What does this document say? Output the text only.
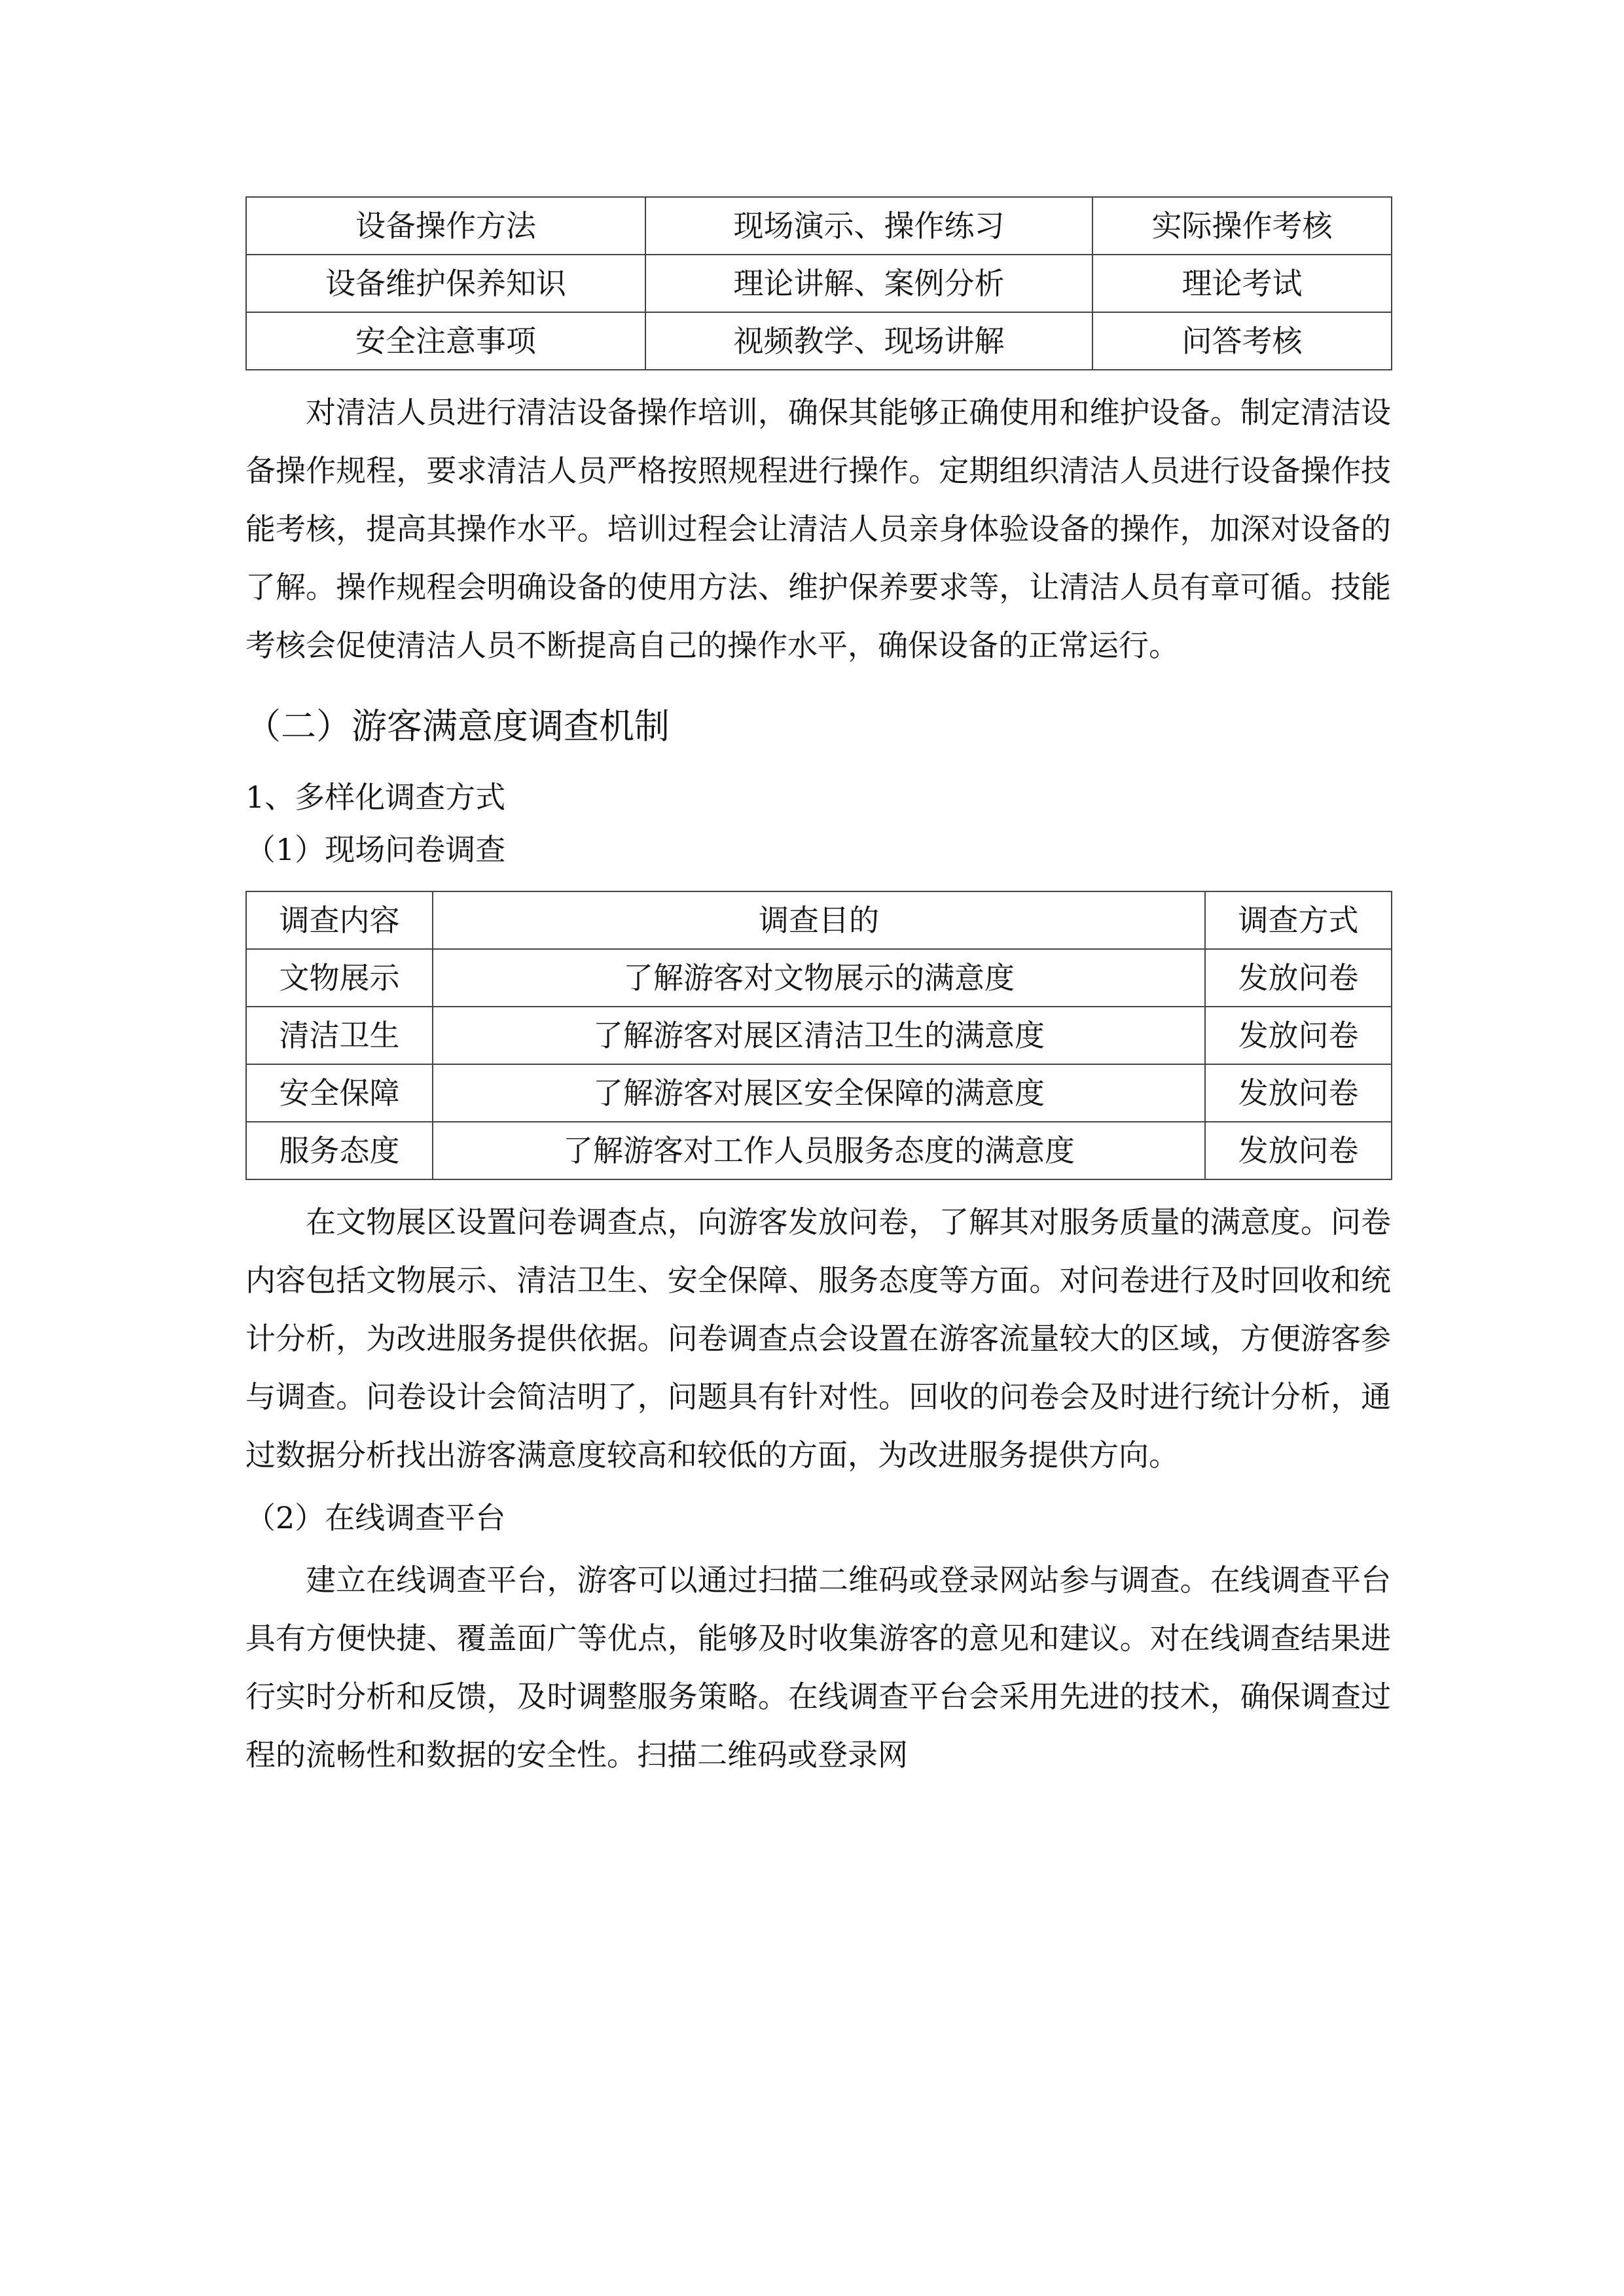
设备操作方法	现场演示、操作练习	实际操作考核
设备维护保养知识	理论讲解、案例分析	理论考试
安全注意事项	视频教学、现场讲解	问答考核

对清洁人员进行清洁设备操作培训，确保其能够正确使用和维护设备。制定清洁设备操作规程，要求清洁人员严格按照规程进行操作。定期组织清洁人员进行设备操作技能考核，提高其操作水平。培训过程会让清洁人员亲身体验设备的操作，加深对设备的了解。操作规程会明确设备的使用方法、维护保养要求等，让清洁人员有章可循。技能考核会促使清洁人员不断提高自己的操作水平，确保设备的正常运行。

（二）游客满意度调查机制

1、多样化调查方式

（1）现场问卷调查

调查内容	调查目的	调查方式
文物展示	了解游客对文物展示的满意度	发放问卷
清洁卫生	了解游客对展区清洁卫生的满意度	发放问卷
安全保障	了解游客对展区安全保障的满意度	发放问卷
服务态度	了解游客对工作人员服务态度的满意度	发放问卷

在文物展区设置问卷调查点，向游客发放问卷，了解其对服务质量的满意度。问卷内容包括文物展示、清洁卫生、安全保障、服务态度等方面。对问卷进行及时回收和统计分析，为改进服务提供依据。问卷调查点会设置在游客流量较大的区域，方便游客参与调查。问卷设计会简洁明了，问题具有针对性。回收的问卷会及时进行统计分析，通过数据分析找出游客满意度较高和较低的方面，为改进服务提供方向。

（2）在线调查平台

建立在线调查平台，游客可以通过扫描二维码或登录网站参与调查。在线调查平台具有方便快捷、覆盖面广等优点，能够及时收集游客的意见和建议。对在线调查结果进行实时分析和反馈，及时调整服务策略。在线调查平台会采用先进的技术，确保调查过程的流畅性和数据的安全性。扫描二维码或登录网
